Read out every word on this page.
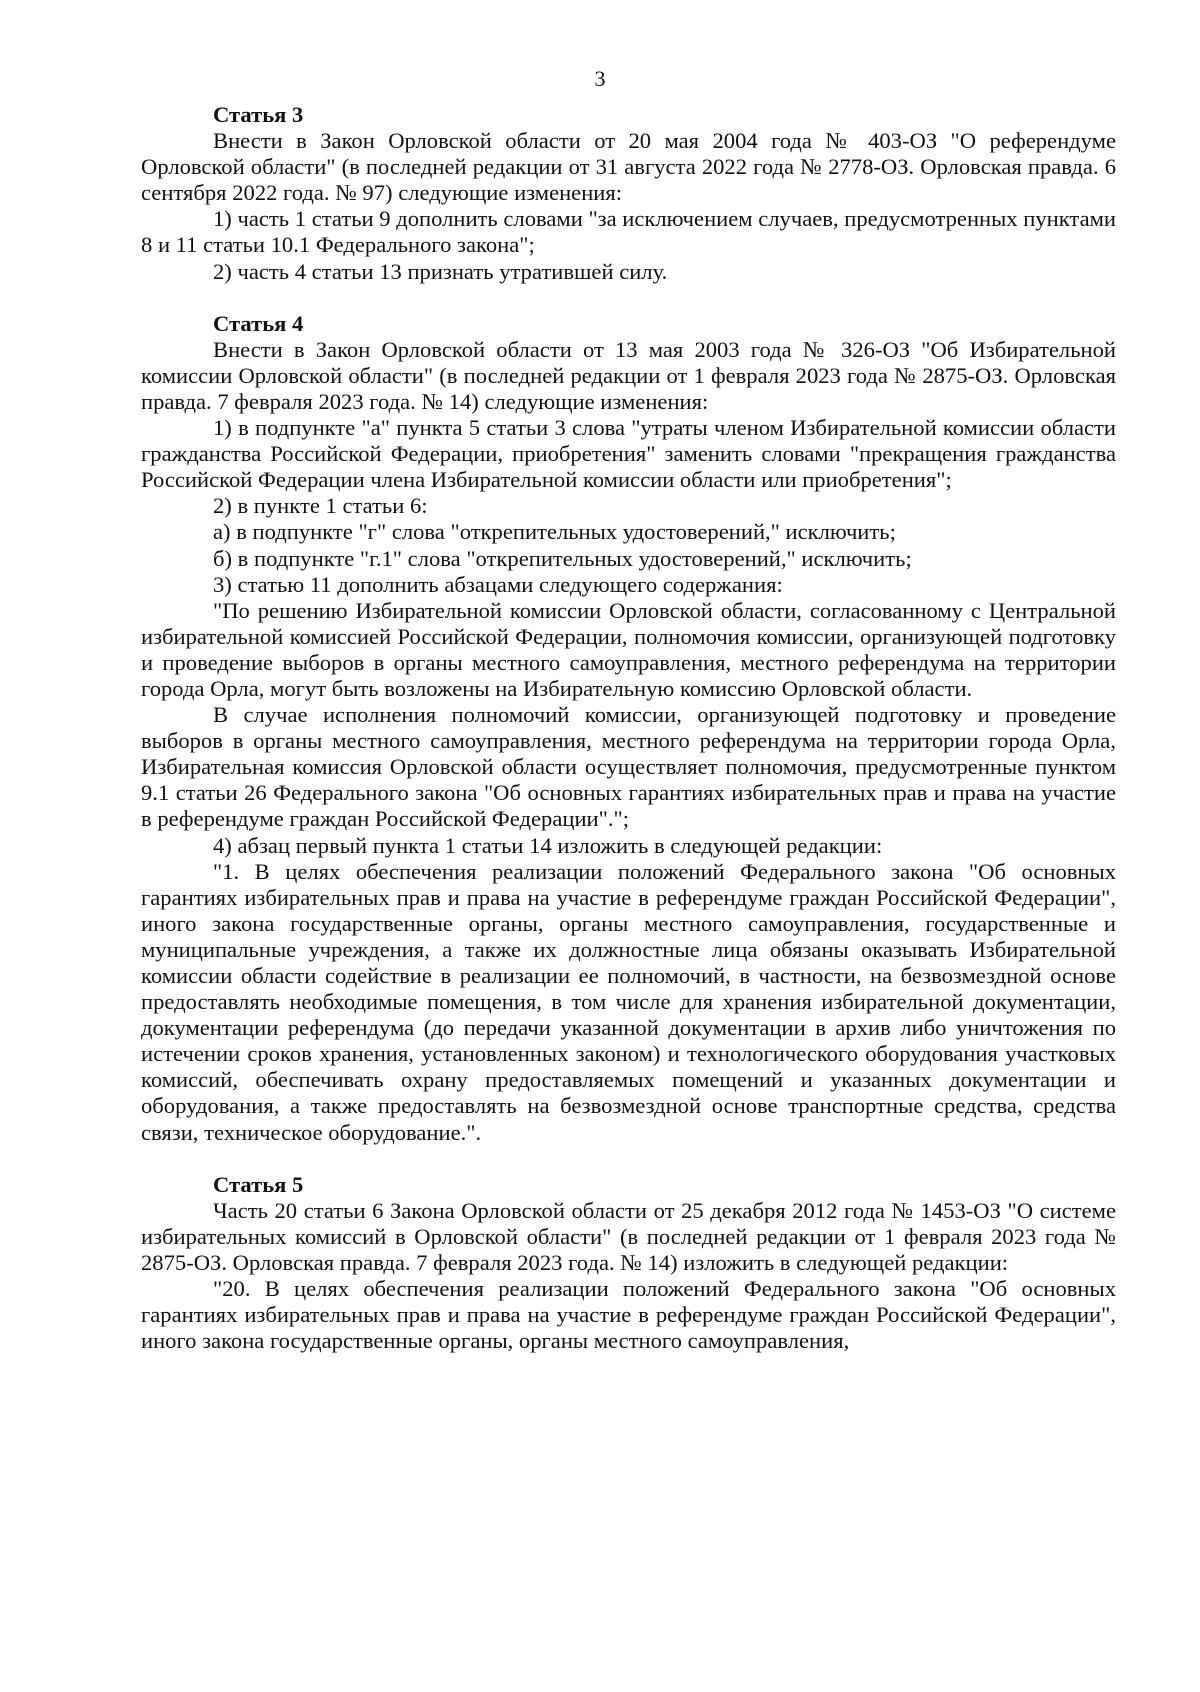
3

Статья 3

Внести в Закон Орловской области от 20 мая 2004 года № 403-ОЗ "О референдуме Орловской области" (в последней редакции от 31 августа 2022 года № 2778-ОЗ. Орловская правда. 6 сентября 2022 года. № 97) следующие изменения:

1) часть 1 статьи 9 дополнить словами "за исключением случаев, предусмотренных пунктами 8 и 11 статьи 10.1 Федерального закона";

2) часть 4 статьи 13 признать утратившей силу.

Статья 4

Внести в Закон Орловской области от 13 мая 2003 года № 326-ОЗ "Об Избирательной комиссии Орловской области" (в последней редакции от 1 февраля 2023 года № 2875-ОЗ. Орловская правда. 7 февраля 2023 года. № 14) следующие изменения:

1) в подпункте "а" пункта 5 статьи 3 слова "утраты членом Избирательной комиссии области гражданства Российской Федерации, приобретения" заменить словами "прекращения гражданства Российской Федерации члена Избирательной комиссии области или приобретения";

2) в пункте 1 статьи 6:

а) в подпункте "г" слова "открепительных удостоверений," исключить;

б) в подпункте "г.1" слова "открепительных удостоверений," исключить;

3) статью 11 дополнить абзацами следующего содержания:

"По решению Избирательной комиссии Орловской области, согласованному с Центральной избирательной комиссией Российской Федерации, полномочия комиссии, организующей подготовку и проведение выборов в органы местного самоуправления, местного референдума на территории города Орла, могут быть возложены на Избирательную комиссию Орловской области.

В случае исполнения полномочий комиссии, организующей подготовку и проведение выборов в органы местного самоуправления, местного референдума на территории города Орла, Избирательная комиссия Орловской области осуществляет полномочия, предусмотренные пунктом 9.1 статьи 26 Федерального закона "Об основных гарантиях избирательных прав и права на участие в референдуме граждан Российской Федерации".";

4) абзац первый пункта 1 статьи 14 изложить в следующей редакции:

"1. В целях обеспечения реализации положений Федерального закона "Об основных гарантиях избирательных прав и права на участие в референдуме граждан Российской Федерации", иного закона государственные органы, органы местного самоуправления, государственные и муниципальные учреждения, а также их должностные лица обязаны оказывать Избирательной комиссии области содействие в реализации ее полномочий, в частности, на безвозмездной основе предоставлять необходимые помещения, в том числе для хранения избирательной документации, документации референдума (до передачи указанной документации в архив либо уничтожения по истечении сроков хранения, установленных законом) и технологического оборудования участковых комиссий, обеспечивать охрану предоставляемых помещений и указанных документации и оборудования, а также предоставлять на безвозмездной основе транспортные средства, средства связи, техническое оборудование.".

Статья 5

Часть 20 статьи 6 Закона Орловской области от 25 декабря 2012 года № 1453-ОЗ "О системе избирательных комиссий в Орловской области" (в последней редакции от 1 февраля 2023 года № 2875-ОЗ. Орловская правда. 7 февраля 2023 года. № 14) изложить в следующей редакции:

"20. В целях обеспечения реализации положений Федерального закона "Об основных гарантиях избирательных прав и права на участие в референдуме граждан Российской Федерации", иного закона государственные органы, органы местного самоуправления,
